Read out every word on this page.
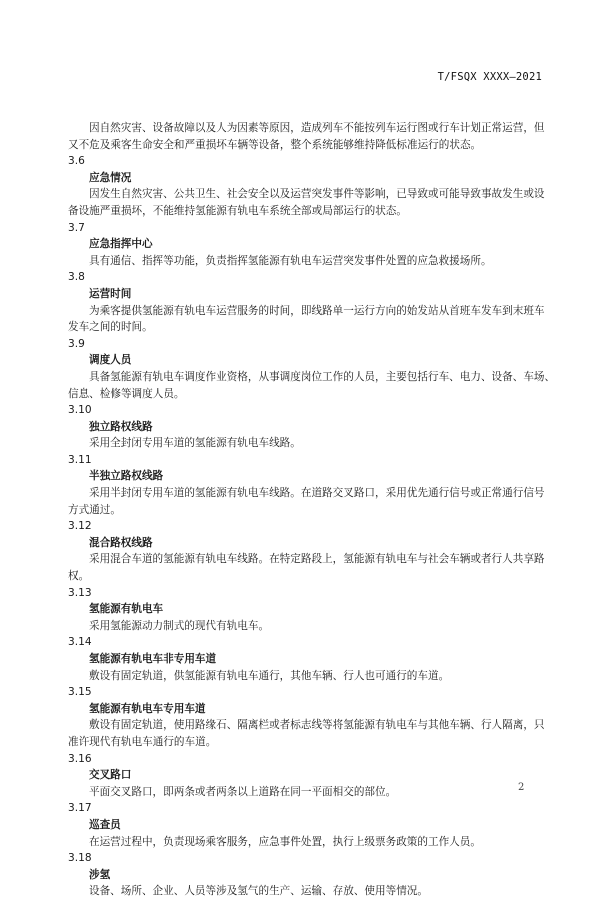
T/FSQX XXXX—2021
因自然灾害、设备故障以及人为因素等原因，造成列车不能按列车运行图或行车计划正常运营，但
又不危及乘客生命安全和严重损坏车辆等设备，整个系统能够维持降低标准运行的状态。
3.6
应急情况
因发生自然灾害、公共卫生、社会安全以及运营突发事件等影响，已导致或可能导致事故发生或设
备设施严重损坏，不能维持氢能源有轨电车系统全部或局部运行的状态。
3.7
应急指挥中心
具有通信、指挥等功能，负责指挥氢能源有轨电车运营突发事件处置的应急救援场所。
3.8
运营时间
为乘客提供氢能源有轨电车运营服务的时间，即线路单一运行方向的始发站从首班车发车到末班车
发车之间的时间。
3.9
调度人员
具备氢能源有轨电车调度作业资格，从事调度岗位工作的人员，主要包括行车、电力、设备、车场、
信息、检修等调度人员。
3.10
独立路权线路
采用全封闭专用车道的氢能源有轨电车线路。
3.11
半独立路权线路
采用半封闭专用车道的氢能源有轨电车线路。在道路交叉路口，采用优先通行信号或正常通行信号
方式通过。
3.12
混合路权线路
采用混合车道的氢能源有轨电车线路。在特定路段上，氢能源有轨电车与社会车辆或者行人共享路
权。
3.13
氢能源有轨电车
采用氢能源动力制式的现代有轨电车。
3.14
氢能源有轨电车非专用车道
敷设有固定轨道，供氢能源有轨电车通行，其他车辆、行人也可通行的车道。
3.15
氢能源有轨电车专用车道
敷设有固定轨道，使用路缘石、隔离栏或者标志线等将氢能源有轨电车与其他车辆、行人隔离，只
准许现代有轨电车通行的车道。
3.16
交叉路口
平面交叉路口，即两条或者两条以上道路在同一平面相交的部位。
3.17
巡查员
在运营过程中，负责现场乘客服务，应急事件处置，执行上级票务政策的工作人员。
3.18
涉氢
设备、场所、企业、人员等涉及氢气的生产、运输、存放、使用等情况。
2
